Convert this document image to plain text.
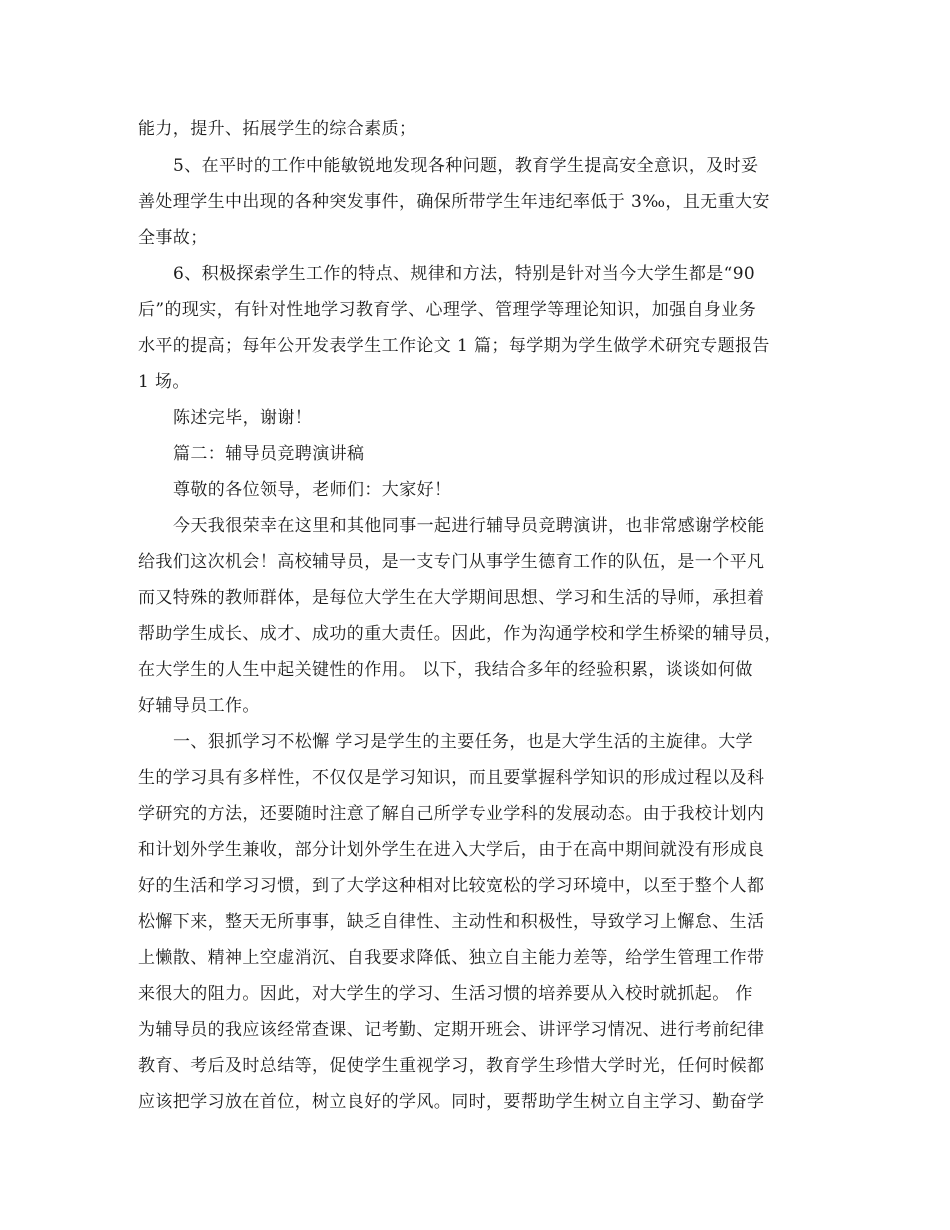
能力，提升、拓展学生的综合素质；
5、在平时的工作中能敏锐地发现各种问题，教育学生提高安全意识，及时妥
善处理学生中出现的各种突发事件，确保所带学生年违纪率低于 3‰，且无重大安
全事故；
6、积极探索学生工作的特点、规律和方法，特别是针对当今大学生都是“90
后”的现实，有针对性地学习教育学、心理学、管理学等理论知识，加强自身业务
水平的提高；每年公开发表学生工作论文 1 篇；每学期为学生做学术研究专题报告
1 场。
陈述完毕，谢谢！
篇二：辅导员竞聘演讲稿
尊敬的各位领导，老师们：大家好！
今天我很荣幸在这里和其他同事一起进行辅导员竞聘演讲，也非常感谢学校能
给我们这次机会！高校辅导员，是一支专门从事学生德育工作的队伍，是一个平凡
而又特殊的教师群体，是每位大学生在大学期间思想、学习和生活的导师，承担着
帮助学生成长、成才、成功的重大责任。因此，作为沟通学校和学生桥梁的辅导员，
在大学生的人生中起关键性的作用。 以下，我结合多年的经验积累，谈谈如何做
好辅导员工作。
一、狠抓学习不松懈 学习是学生的主要任务，也是大学生活的主旋律。大学
生的学习具有多样性，不仅仅是学习知识，而且要掌握科学知识的形成过程以及科
学研究的方法，还要随时注意了解自己所学专业学科的发展动态。由于我校计划内
和计划外学生兼收，部分计划外学生在进入大学后，由于在高中期间就没有形成良
好的生活和学习习惯，到了大学这种相对比较宽松的学习环境中，以至于整个人都
松懈下来，整天无所事事，缺乏自律性、主动性和积极性，导致学习上懈怠、生活
上懒散、精神上空虚消沉、自我要求降低、独立自主能力差等，给学生管理工作带
来很大的阻力。因此，对大学生的学习、生活习惯的培养要从入校时就抓起。 作
为辅导员的我应该经常查课、记考勤、定期开班会、讲评学习情况、进行考前纪律
教育、考后及时总结等，促使学生重视学习，教育学生珍惜大学时光，任何时候都
应该把学习放在首位，树立良好的学风。同时，要帮助学生树立自主学习、勤奋学
